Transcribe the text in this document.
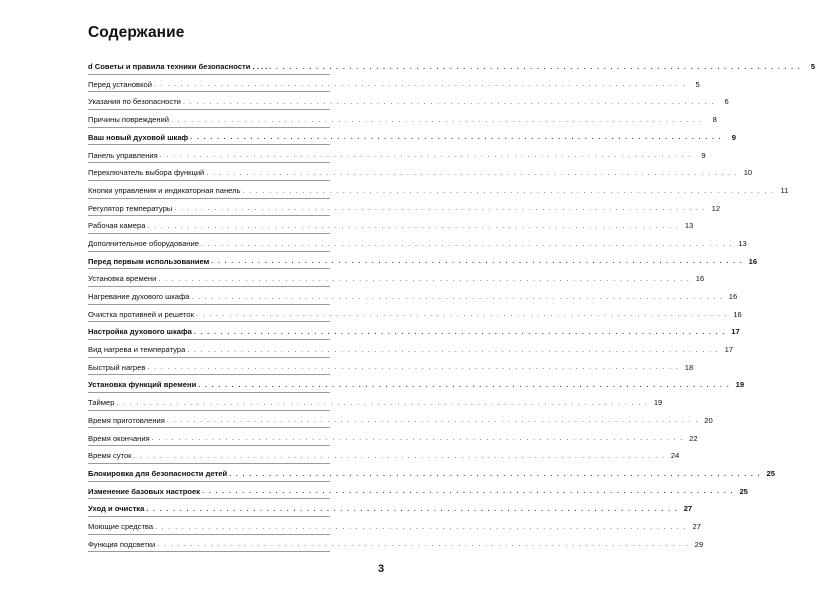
Содержание
d Советы и правила техники безопасности . . . . . . . . . . . . . . . . . . . . . . . . . . . . . . . . . . . . . . . . . . . . . . . . . . . . . . . . . . . . . . . . . . . . . . . . . . . . . . . . . . . .	5
Перед установкой . . . . . . . . . . . . . . . . . . . . . . . . . . . . . . . . . . . . . . . . . . . . . . . . . . . . . . . . . . . . . . . . . . . . . . . . . . . . . . . .	5
Указания по безопасности . . . . . . . . . . . . . . . . . . . . . . . . . . . . . . . . . . . . . . . . . . . . . . . . . . . . . . . . . . . . . . . . . . . . . . . . . . . . . . . .	6
Причины повреждений . . . . . . . . . . . . . . . . . . . . . . . . . . . . . . . . . . . . . . . . . . . . . . . . . . . . . . . . . . . . . . . . . . . . . . . . . . . . . . . .	8
Ваш новый духовой шкаф . . . . . . . . . . . . . . . . . . . . . . . . . . . . . . . . . . . . . . . . . . . . . . . . . . . . . . . . . . . . . . . . . . . . . . . . . . . . . . . .	9
Панель управления . . . . . . . . . . . . . . . . . . . . . . . . . . . . . . . . . . . . . . . . . . . . . . . . . . . . . . . . . . . . . . . . . . . . . . . . . . . . . . . .	9
Переключатель выбора функций . . . . . . . . . . . . . . . . . . . . . . . . . . . . . . . . . . . . . . . . . . . . . . . . . . . . . . . . . . . . . . . . . . . . . . . . . . . . . . . . 10
Кнопки управления и индикаторная панель . . . . . . . . . . . . . . . . . . . . . . . . . . . . . . . . . . . . . . . . . . . . . . . . . . . . . . . . . . . . . . . . . . . . . . . . . . . . . . . . 11
Регулятор температуры . . . . . . . . . . . . . . . . . . . . . . . . . . . . . . . . . . . . . . . . . . . . . . . . . . . . . . . . . . . . . . . . . . . . . . . . . . . . . . . . 12
Рабочая камера . . . . . . . . . . . . . . . . . . . . . . . . . . . . . . . . . . . . . . . . . . . . . . . . . . . . . . . . . . . . . . . . . . . . . . . . . . . . . . . . 13
Дополнительное оборудование . . . . . . . . . . . . . . . . . . . . . . . . . . . . . . . . . . . . . . . . . . . . . . . . . . . . . . . . . . . . . . . . . . . . . . . . . . . . . . . . 13
Перед первым использованием . . . . . . . . . . . . . . . . . . . . . . . . . . . . . . . . . . . . . . . . . . . . . . . . . . . . . . . . . . . . . . . . . . . . . . . . . . . . . . . . 16
Установка времени . . . . . . . . . . . . . . . . . . . . . . . . . . . . . . . . . . . . . . . . . . . . . . . . . . . . . . . . . . . . . . . . . . . . . . . . . . . . . . . . 16
Нагревание духового шкафа . . . . . . . . . . . . . . . . . . . . . . . . . . . . . . . . . . . . . . . . . . . . . . . . . . . . . . . . . . . . . . . . . . . . . . . . . . . . . . . . 16
Очистка противней и решеток . . . . . . . . . . . . . . . . . . . . . . . . . . . . . . . . . . . . . . . . . . . . . . . . . . . . . . . . . . . . . . . . . . . . . . . . . . . . . . . . 16
Настройка духового шкафа . . . . . . . . . . . . . . . . . . . . . . . . . . . . . . . . . . . . . . . . . . . . . . . . . . . . . . . . . . . . . . . . . . . . . . . . . . . . . . . . 17
Вид нагрева и температура . . . . . . . . . . . . . . . . . . . . . . . . . . . . . . . . . . . . . . . . . . . . . . . . . . . . . . . . . . . . . . . . . . . . . . . . . . . . . . . . 17
Быстрый нагрев . . . . . . . . . . . . . . . . . . . . . . . . . . . . . . . . . . . . . . . . . . . . . . . . . . . . . . . . . . . . . . . . . . . . . . . . . . . . . . . . 18
Установка функций времени . . . . . . . . . . . . . . . . . . . . . . . . . . . . . . . . . . . . . . . . . . . . . . . . . . . . . . . . . . . . . . . . . . . . . . . . . . . . . . . . 19
Таймер . . . . . . . . . . . . . . . . . . . . . . . . . . . . . . . . . . . . . . . . . . . . . . . . . . . . . . . . . . . . . . . . . . . . . . . . . . . . . . . . 19
Время приготовления . . . . . . . . . . . . . . . . . . . . . . . . . . . . . . . . . . . . . . . . . . . . . . . . . . . . . . . . . . . . . . . . . . . . . . . . . . . . . . . . 20
Время окончания . . . . . . . . . . . . . . . . . . . . . . . . . . . . . . . . . . . . . . . . . . . . . . . . . . . . . . . . . . . . . . . . . . . . . . . . . . . . . . . . 22
Время суток . . . . . . . . . . . . . . . . . . . . . . . . . . . . . . . . . . . . . . . . . . . . . . . . . . . . . . . . . . . . . . . . . . . . . . . . . . . . . . . . 24
Блокировка для безопасности детей . . . . . . . . . . . . . . . . . . . . . . . . . . . . . . . . . . . . . . . . . . . . . . . . . . . . . . . . . . . . . . . . . . . . . . . . . . . . . . . . 25
Изменение базовых настроек . . . . . . . . . . . . . . . . . . . . . . . . . . . . . . . . . . . . . . . . . . . . . . . . . . . . . . . . . . . . . . . . . . . . . . . . . . . . . . . . 25
Уход и очистка . . . . . . . . . . . . . . . . . . . . . . . . . . . . . . . . . . . . . . . . . . . . . . . . . . . . . . . . . . . . . . . . . . . . . . . . . . . . . . . . 27
Моющие средства . . . . . . . . . . . . . . . . . . . . . . . . . . . . . . . . . . . . . . . . . . . . . . . . . . . . . . . . . . . . . . . . . . . . . . . . . . . . . . . . 27
Функция подсветки . . . . . . . . . . . . . . . . . . . . . . . . . . . . . . . . . . . . . . . . . . . . . . . . . . . . . . . . . . . . . . . . . . . . . . . . . . . . . . . . 29
3
